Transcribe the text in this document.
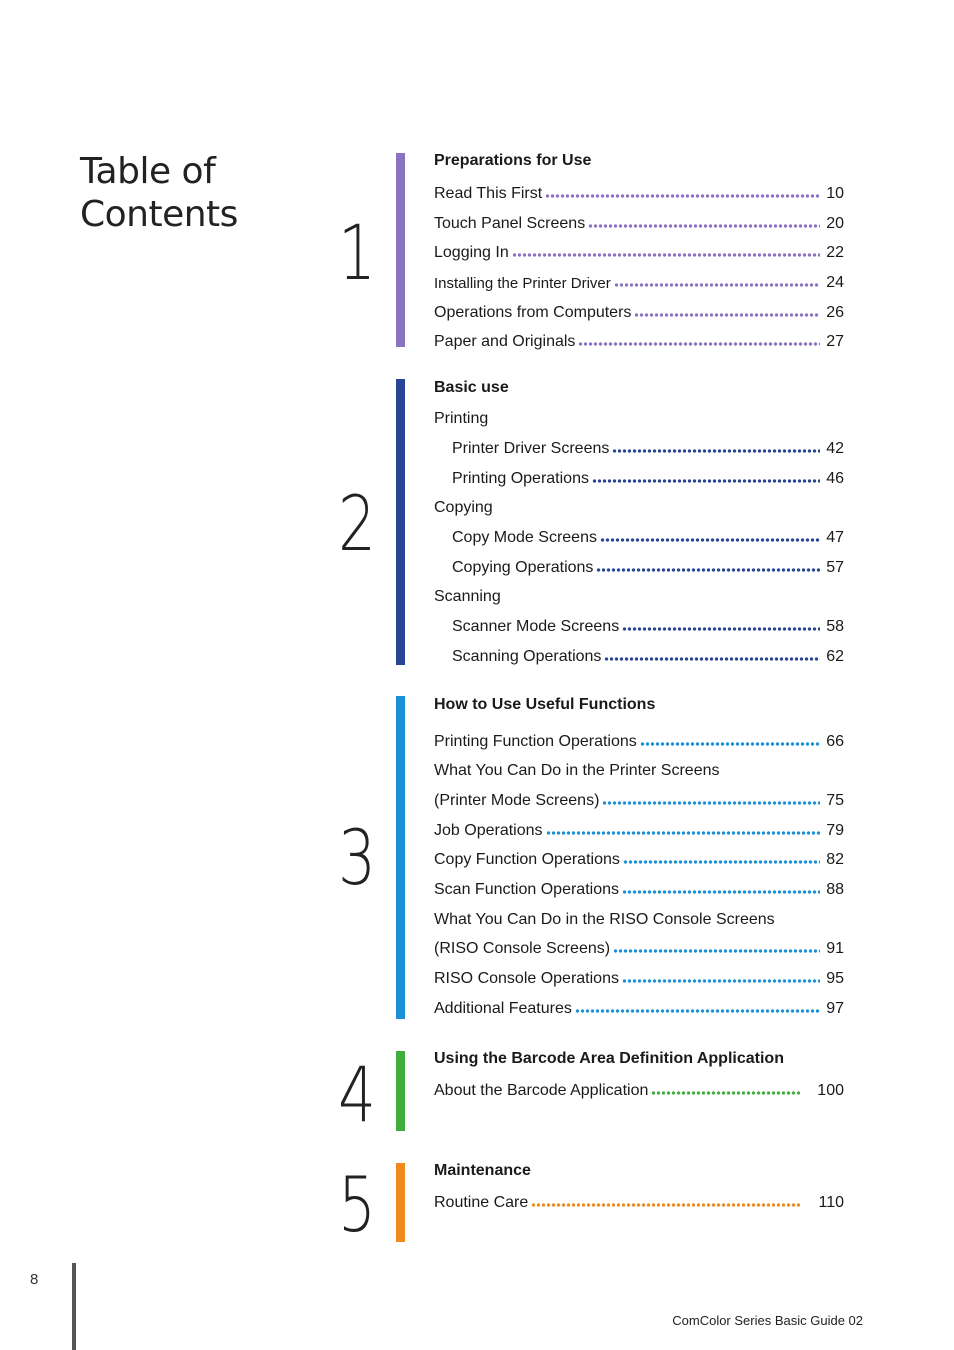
Table of
Contents 1
Preparations for Use
Read This First	10
Touch Panel Screens	20
Logging In	22
Installing the Printer Driver	24
Operations from Computers	26
Paper and Originals	27
2
Basic use
Printing
Printer Driver Screens	42
Printing Operations	46
Copying
Copy Mode Screens	47
Copying Operations	57
Scanning
Scanner Mode Screens	58
Scanning Operations	62
3
How to Use Useful Functions
Printing Function Operations	66
What You Can Do in the Printer Screens
(Printer Mode Screens)	75
Job Operations	79
Copy Function Operations	82
Scan Function Operations	88
What You Can Do in the RISO Console Screens
(RISO Console Screens)	91
RISO Console Operations	95
Additional Features	97
4	Using the Barcode Area Definition Application
About the Barcode Application	100
5	Maintenance
Routine Care	110
8
ComColor Series Basic Guide 02
